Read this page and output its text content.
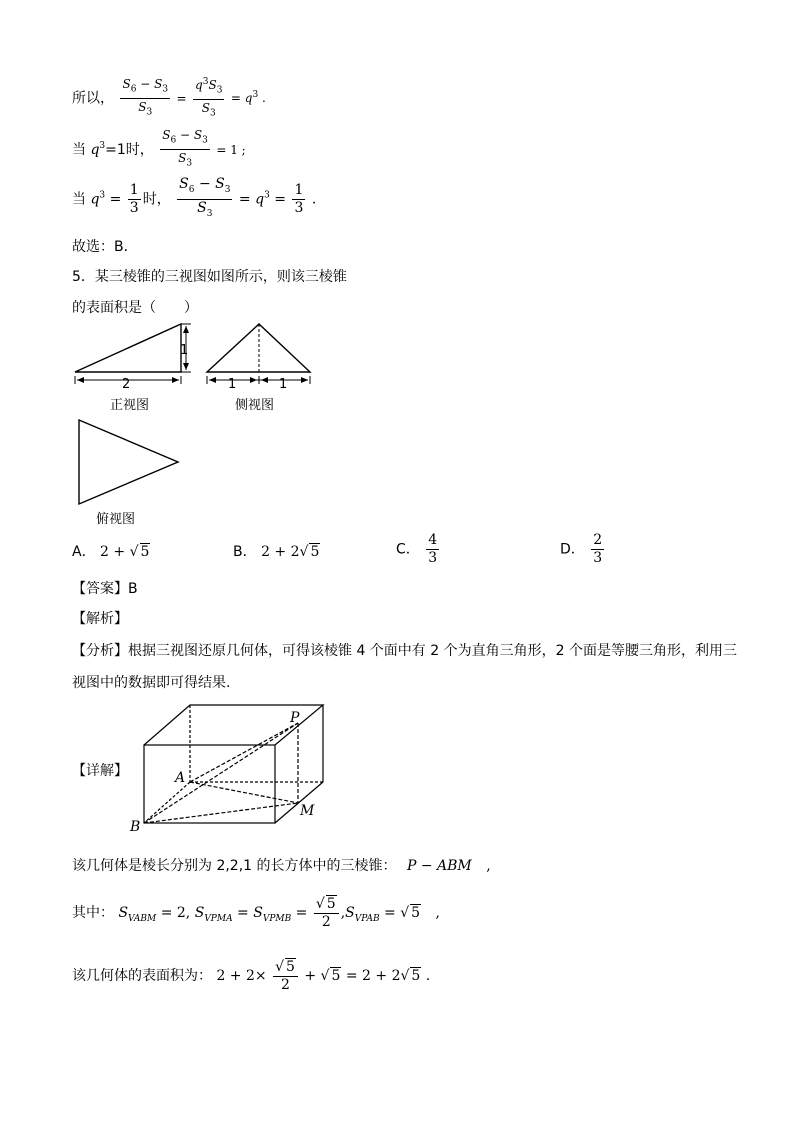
所以， $\frac{S_6 - S_3}{S_3} = \frac{q^3S_3}{S_3} = q^3$ .
当 $q^3=1$时， $\frac{S_6 - S_3}{S_3} = 1$ ;
当 $q^3 = \frac{1}{3}$ 时， $\frac{S_6 - S_3}{S_3} = q^3 = \frac{1}{3}$ .
故选：B．
5．某三棱锥的三视图如图所示，则该三棱锥
的表面积是（　　）
1
2
正视图
1	1
侧视图
俯视图
A． 2 + √ 5	B． 2 + 2√ 5	C． $\frac{4}{3}$	D． $\frac{2}{3}$
【答案】B
【解析】
【分析】根据三视图还原几何体，可得该棱锥 4 个面中有 2 个为直角三角形，2 个面是等腰三角形，利用三
视图中的数据即可得结果.
【详解】
P
A
B
M
该几何体是棱长分别为 2,2,1 的长方体中的三棱锥： P − ABM ,
其中： $S_{VABM} = 2$, $S_{VPMA} = S_{VPMB} = \frac{√ 5}{2} ,S_{VPAB}$ = √ 5 ,
该几何体的表面积为： $2 + 2\times \frac{√ 5}{2}$ + √ 5 = 2 + 2√ 5 .
